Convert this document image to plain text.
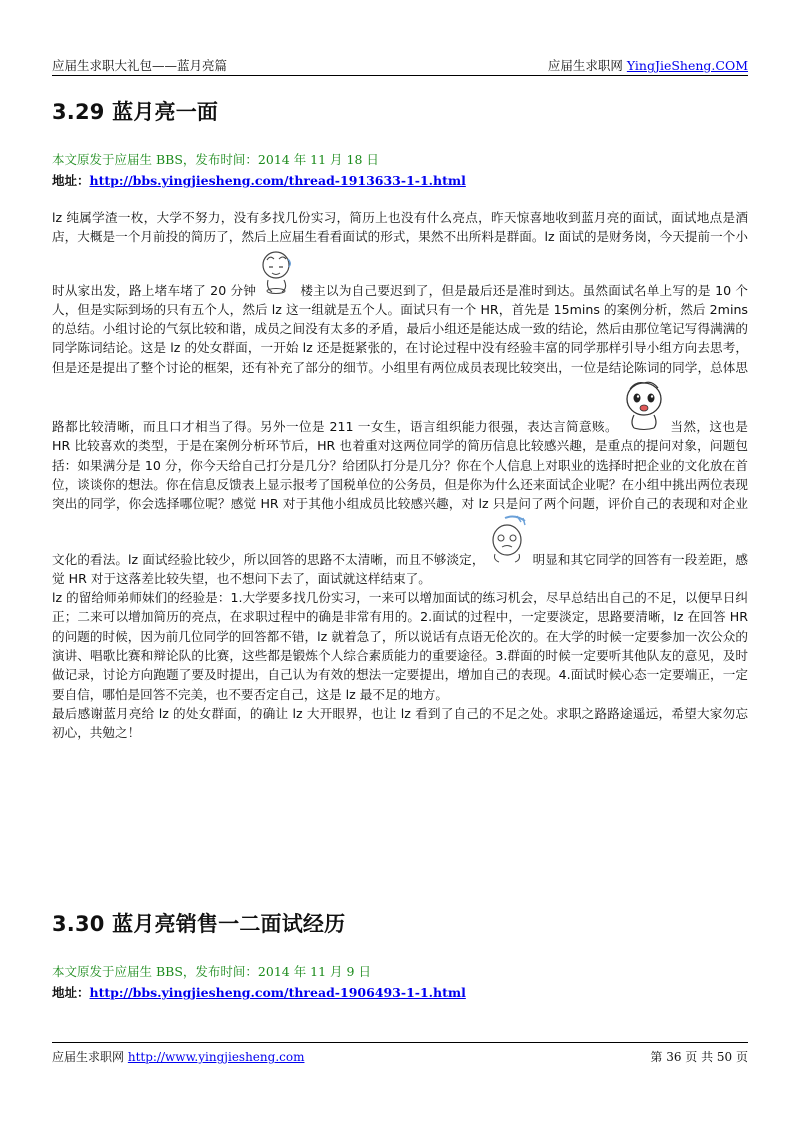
应届生求职大礼包——蓝月亮篇	应届生求职网 YingJieSheng.COM
3.29 蓝月亮一面
本文原发于应届生 BBS，发布时间：2014 年 11 月 18 日
地址：http://bbs.yingjiesheng.com/thread-1913633-1-1.html

lz 纯属学渣一枚，大学不努力，没有多找几份实习，简历上也没有什么亮点，昨天惊喜地收到蓝月亮的面试，面试地点是酒店，大概是一个月前投的简历了，然后上应届生看看面试的形式，果然不出所料是群面。lz 面试的是财务岗，今天提前一个小时从家出发，路上堵车堵了 20 分钟	楼主以为自己要迟到了，但是最后还是准时到达。虽然面试名单上写的是 10 个人，但是实际到场的只有五个人，然后 lz 这一组就是五个人。面试只有一个 HR，首先是 15mins 的案例分析，然后 2mins 的总结。小组讨论的气氛比较和谐，成员之间没有太多的矛盾，最后小组还是能达成一致的结论，然后由那位笔记写得满满的同学陈词结论。这是 lz 的处女群面，一开始 lz 还是挺紧张的，在讨论过程中没有经验丰富的同学那样引导小组方向去思考，但是还是提出了整个讨论的框架，还有补充了部分的细节。小组里有两位成员表现比较突出，一位是结论陈词的同学，总体思路都比较清晰，而且口才相当了得。另外一位是 211 一女生，语言组织能力很强，表达言简意赅。	当然，这也是 HR 比较喜欢的类型，于是在案例分析环节后，HR 也着重对这两位同学的简历信息比较感兴趣，是重点的提问对象，问题包括：如果满分是 10 分，你今天给自己打分是几分？给团队打分是几分？你在个人信息上对职业的选择时把企业的文化放在首位，谈谈你的想法。你在信息反馈表上显示报考了国税单位的公务员，但是你为什么还来面试企业呢？在小组中挑出两位表现突出的同学，你会选择哪位呢？感觉 HR 对于其他小组成员比较感兴趣，对 lz 只是问了两个问题，评价自己的表现和对企业文化的看法。lz 面试经验比较少，所以回答的思路不太清晰，而且不够淡定，	明显和其它同学的回答有一段差距，感觉 HR 对于这落差比较失望，也不想问下去了，面试就这样结束了。

lz 的留给师弟师妹们的经验是：1.大学要多找几份实习，一来可以增加面试的练习机会，尽早总结出自己的不足，以便早日纠正；二来可以增加简历的亮点，在求职过程中的确是非常有用的。2.面试的过程中，一定要淡定，思路要清晰，lz 在回答 HR 的问题的时候，因为前几位同学的回答都不错，lz 就着急了，所以说话有点语无伦次的。在大学的时候一定要参加一次公众的演讲、唱歌比赛和辩论队的比赛，这些都是锻炼个人综合素质能力的重要途径。3.群面的时候一定要听其他队友的意见，及时做记录，讨论方向跑题了要及时提出，自己认为有效的想法一定要提出，增加自己的表现。4.面试时候心态一定要端正，一定要自信，哪怕是回答不完美，也不要否定自己，这是 lz 最不足的地方。

最后感谢蓝月亮给 lz 的处女群面，的确让 lz 大开眼界，也让 lz 看到了自己的不足之处。求职之路路途遥远，希望大家勿忘初心，共勉之！

3.30 蓝月亮销售一二面试经历
本文原发于应届生 BBS，发布时间：2014 年 11 月 9 日
地址：http://bbs.yingjiesheng.com/thread-1906493-1-1.html
应届生求职网 http://www.yingjiesheng.com	第 36 页 共 50 页
